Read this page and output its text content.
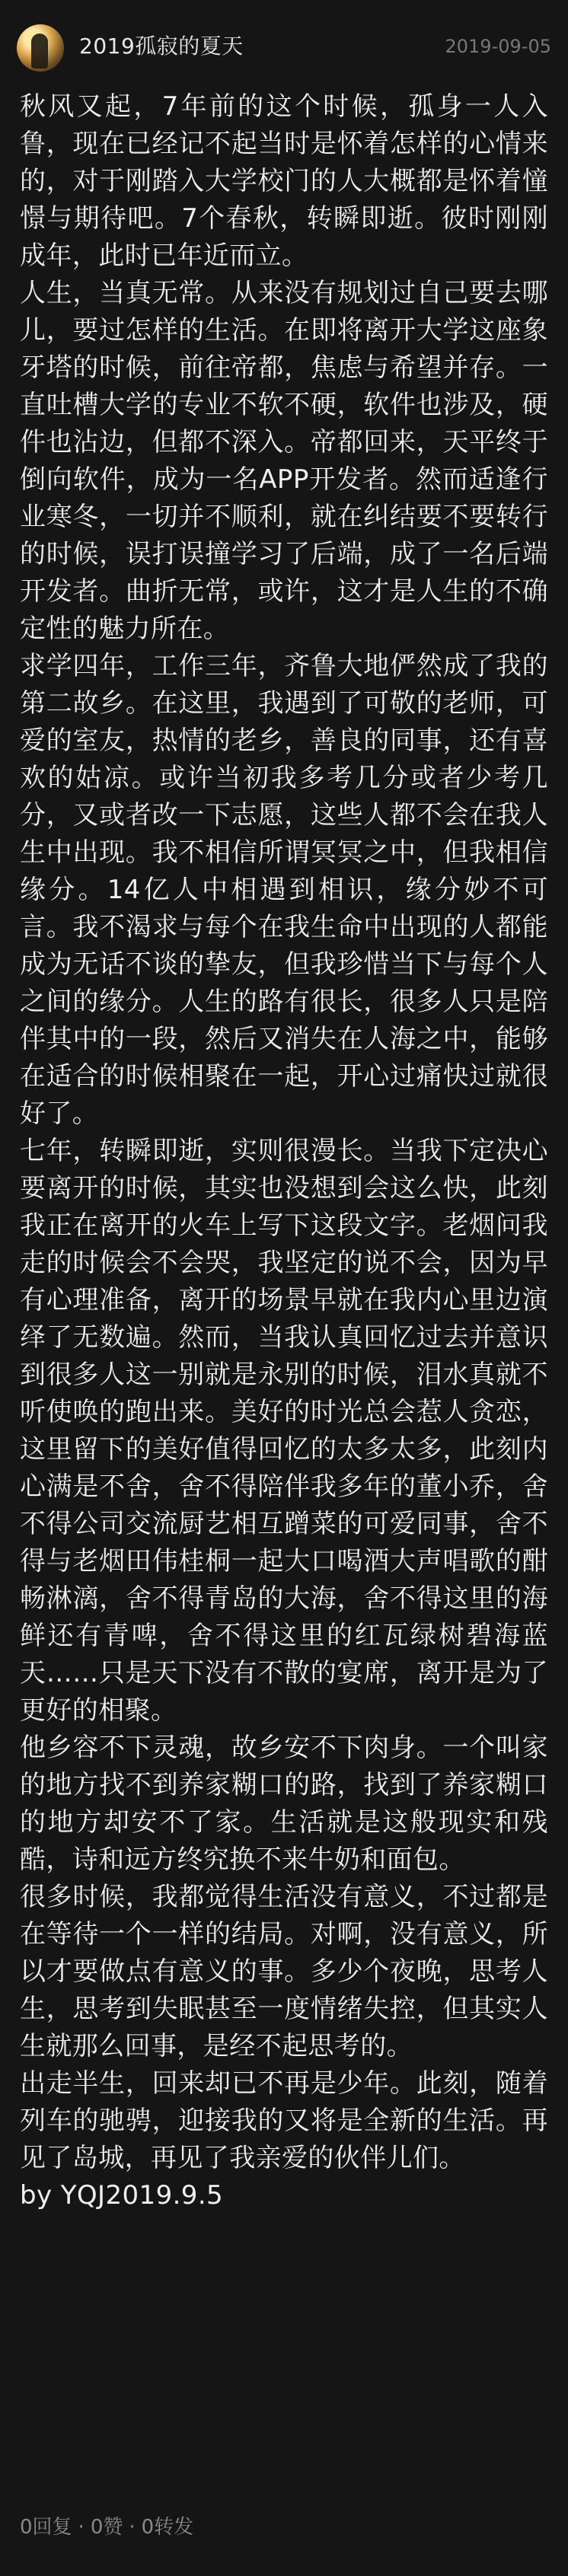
2019孤寂的夏天	2019-09-05

秋风又起，7年前的这个时候，孤身一人入鲁，现在已经记不起当时是怀着怎样的心情来的，对于刚踏入大学校门的人大概都是怀着憧憬与期待吧。7个春秋，转瞬即逝。彼时刚刚成年，此时已年近而立。

人生，当真无常。从来没有规划过自己要去哪儿，要过怎样的生活。在即将离开大学这座象牙塔的时候，前往帝都，焦虑与希望并存。一直吐槽大学的专业不软不硬，软件也涉及，硬件也沾边，但都不深入。帝都回来，天平终于倒向软件，成为一名APP开发者。然而适逢行业寒冬，一切并不顺利，就在纠结要不要转行的时候，误打误撞学习了后端，成了一名后端开发者。曲折无常，或许，这才是人生的不确定性的魅力所在。

求学四年，工作三年，齐鲁大地俨然成了我的第二故乡。在这里，我遇到了可敬的老师，可爱的室友，热情的老乡，善良的同事，还有喜欢的姑凉。或许当初我多考几分或者少考几分，又或者改一下志愿，这些人都不会在我人生中出现。我不相信所谓冥冥之中，但我相信缘分。14亿人中相遇到相识，缘分妙不可言。我不渴求与每个在我生命中出现的人都能成为无话不谈的挚友，但我珍惜当下与每个人之间的缘分。人生的路有很长，很多人只是陪伴其中的一段，然后又消失在人海之中，能够在适合的时候相聚在一起，开心过痛快过就很好了。

七年，转瞬即逝，实则很漫长。当我下定决心要离开的时候，其实也没想到会这么快，此刻我正在离开的火车上写下这段文字。老烟问我走的时候会不会哭，我坚定的说不会，因为早有心理准备，离开的场景早就在我内心里边演绎了无数遍。然而，当我认真回忆过去并意识到很多人这一别就是永别的时候，泪水真就不听使唤的跑出来。美好的时光总会惹人贪恋，这里留下的美好值得回忆的太多太多，此刻内心满是不舍，舍不得陪伴我多年的董小乔，舍不得公司交流厨艺相互蹭菜的可爱同事，舍不得与老烟田伟桂桐一起大口喝酒大声唱歌的酣畅淋漓，舍不得青岛的大海，舍不得这里的海鲜还有青啤，舍不得这里的红瓦绿树碧海蓝天……只是天下没有不散的宴席，离开是为了更好的相聚。

他乡容不下灵魂，故乡安不下肉身。一个叫家的地方找不到养家糊口的路，找到了养家糊口的地方却安不了家。生活就是这般现实和残酷，诗和远方终究换不来牛奶和面包。

很多时候，我都觉得生活没有意义，不过都是在等待一个一样的结局。对啊，没有意义，所以才要做点有意义的事。多少个夜晚，思考人生，思考到失眠甚至一度情绪失控，但其实人生就那么回事，是经不起思考的。

出走半生，回来却已不再是少年。此刻，随着列车的驰骋，迎接我的又将是全新的生活。再见了岛城，再见了我亲爱的伙伴儿们。

by YQJ2019.9.5

0回复 · 0赞 · 0转发
